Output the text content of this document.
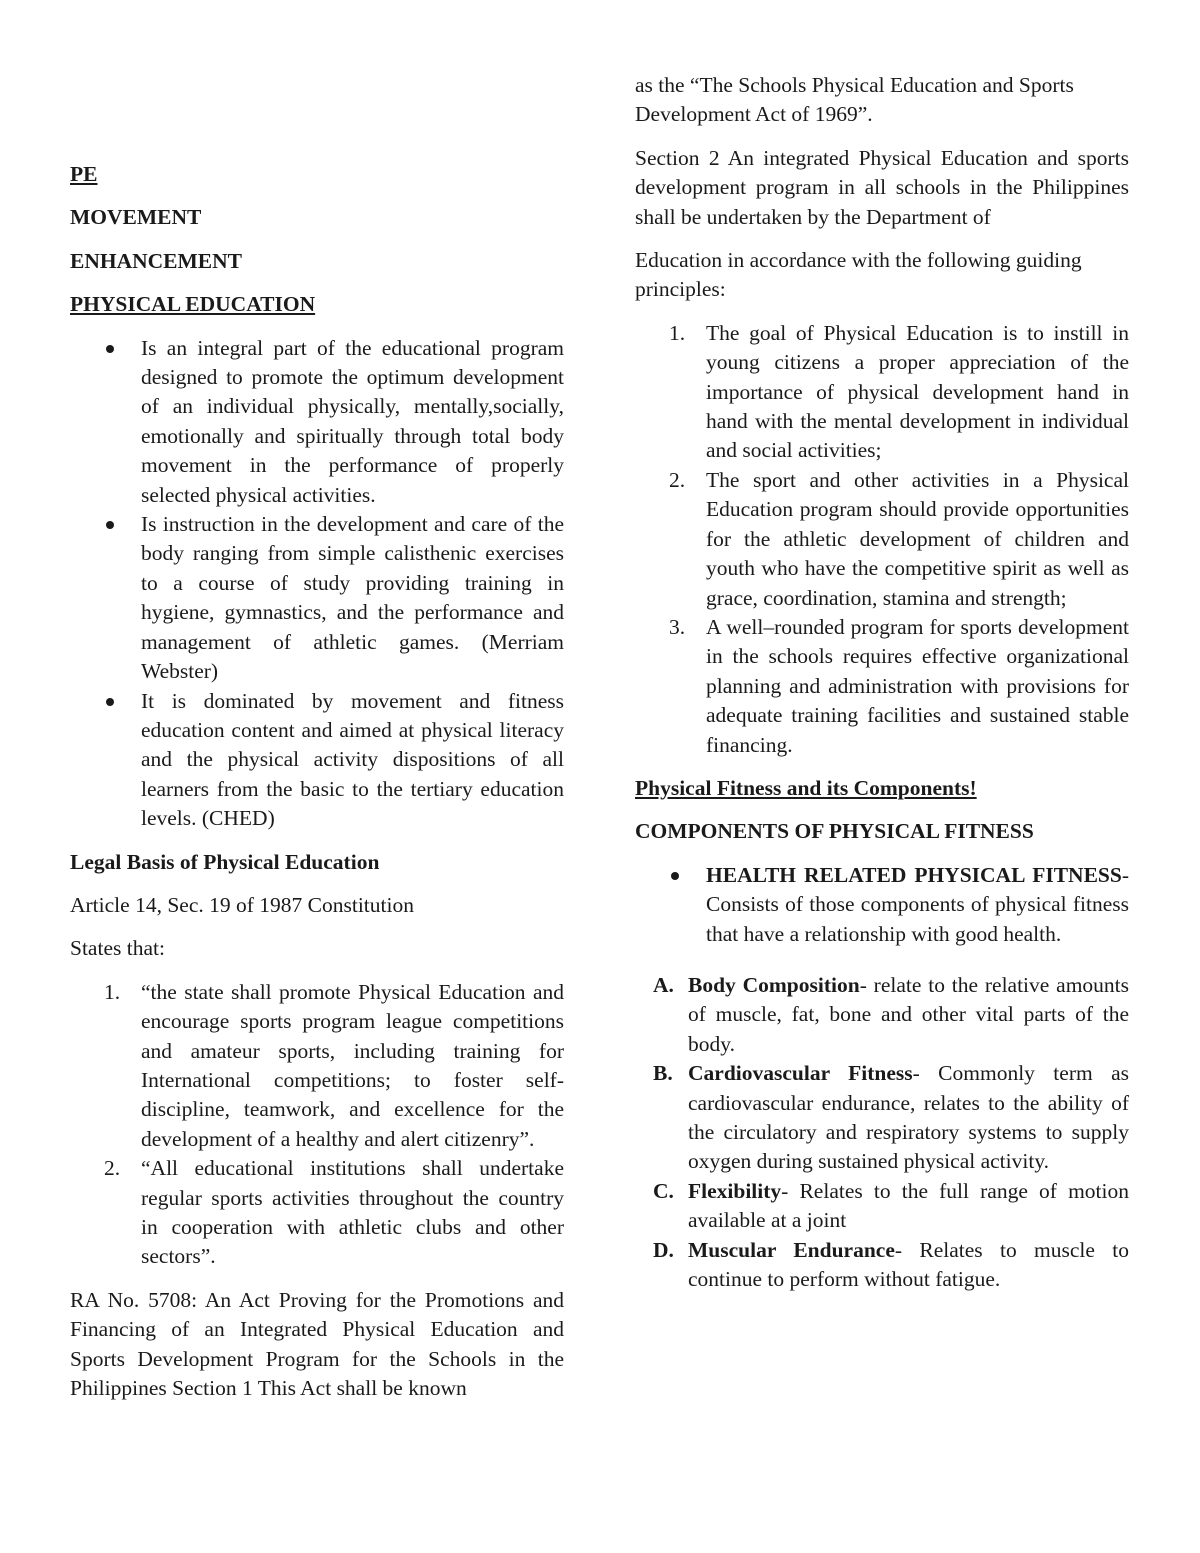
PE

MOVEMENT

ENHANCEMENT

PHYSICAL EDUCATION

Is an integral part of the educational program designed to promote the optimum development of an individual physically, mentally,socially, emotionally and spiritually through total body movement in the performance of properly selected physical activities.
Is instruction in the development and care of the body ranging from simple calisthenic exercises to a course of study providing training in hygiene, gymnastics, and the performance and management of athletic games. (Merriam Webster)
It is dominated by movement and fitness education content and aimed at physical literacy and the physical activity dispositions of all learners from the basic to the tertiary education levels. (CHED)

Legal Basis of Physical Education

Article 14, Sec. 19 of 1987 Constitution

States that:

1. “the state shall promote Physical Education and encourage sports program league competitions and amateur sports, including training for International competitions; to foster self-discipline, teamwork, and excellence for the development of a healthy and alert citizenry”.
2. “All educational institutions shall undertake regular sports activities throughout the country in cooperation with athletic clubs and other sectors”.

RA No. 5708: An Act Proving for the Promotions and Financing of an Integrated Physical Education and Sports Development Program for the Schools in the Philippines Section 1 This Act shall be known

as the “The Schools Physical Education and Sports Development Act of 1969”.

Section 2 An integrated Physical Education and sports development program in all schools in the Philippines shall be undertaken by the Department of

Education in accordance with the following guiding principles:

1. The goal of Physical Education is to instill in young citizens a proper appreciation of the importance of physical development hand in hand with the mental development in individual and social activities;
2. The sport and other activities in a Physical Education program should provide opportunities for the athletic development of children and youth who have the competitive spirit as well as grace, coordination, stamina and strength;
3. A well–rounded program for sports development in the schools requires effective organizational planning and administration with provisions for adequate training facilities and sustained stable financing.

Physical Fitness and its Components!

COMPONENTS OF PHYSICAL FITNESS

HEALTH RELATED PHYSICAL FITNESS- Consists of those components of physical fitness that have a relationship with good health.
A. Body Composition- relate to the relative amounts of muscle, fat, bone and other vital parts of the body.
B. Cardiovascular Fitness- Commonly term as cardiovascular endurance, relates to the ability of the circulatory and respiratory systems to supply oxygen during sustained physical activity.
C. Flexibility- Relates to the full range of motion available at a joint
D. Muscular Endurance- Relates to muscle to continue to perform without fatigue.
